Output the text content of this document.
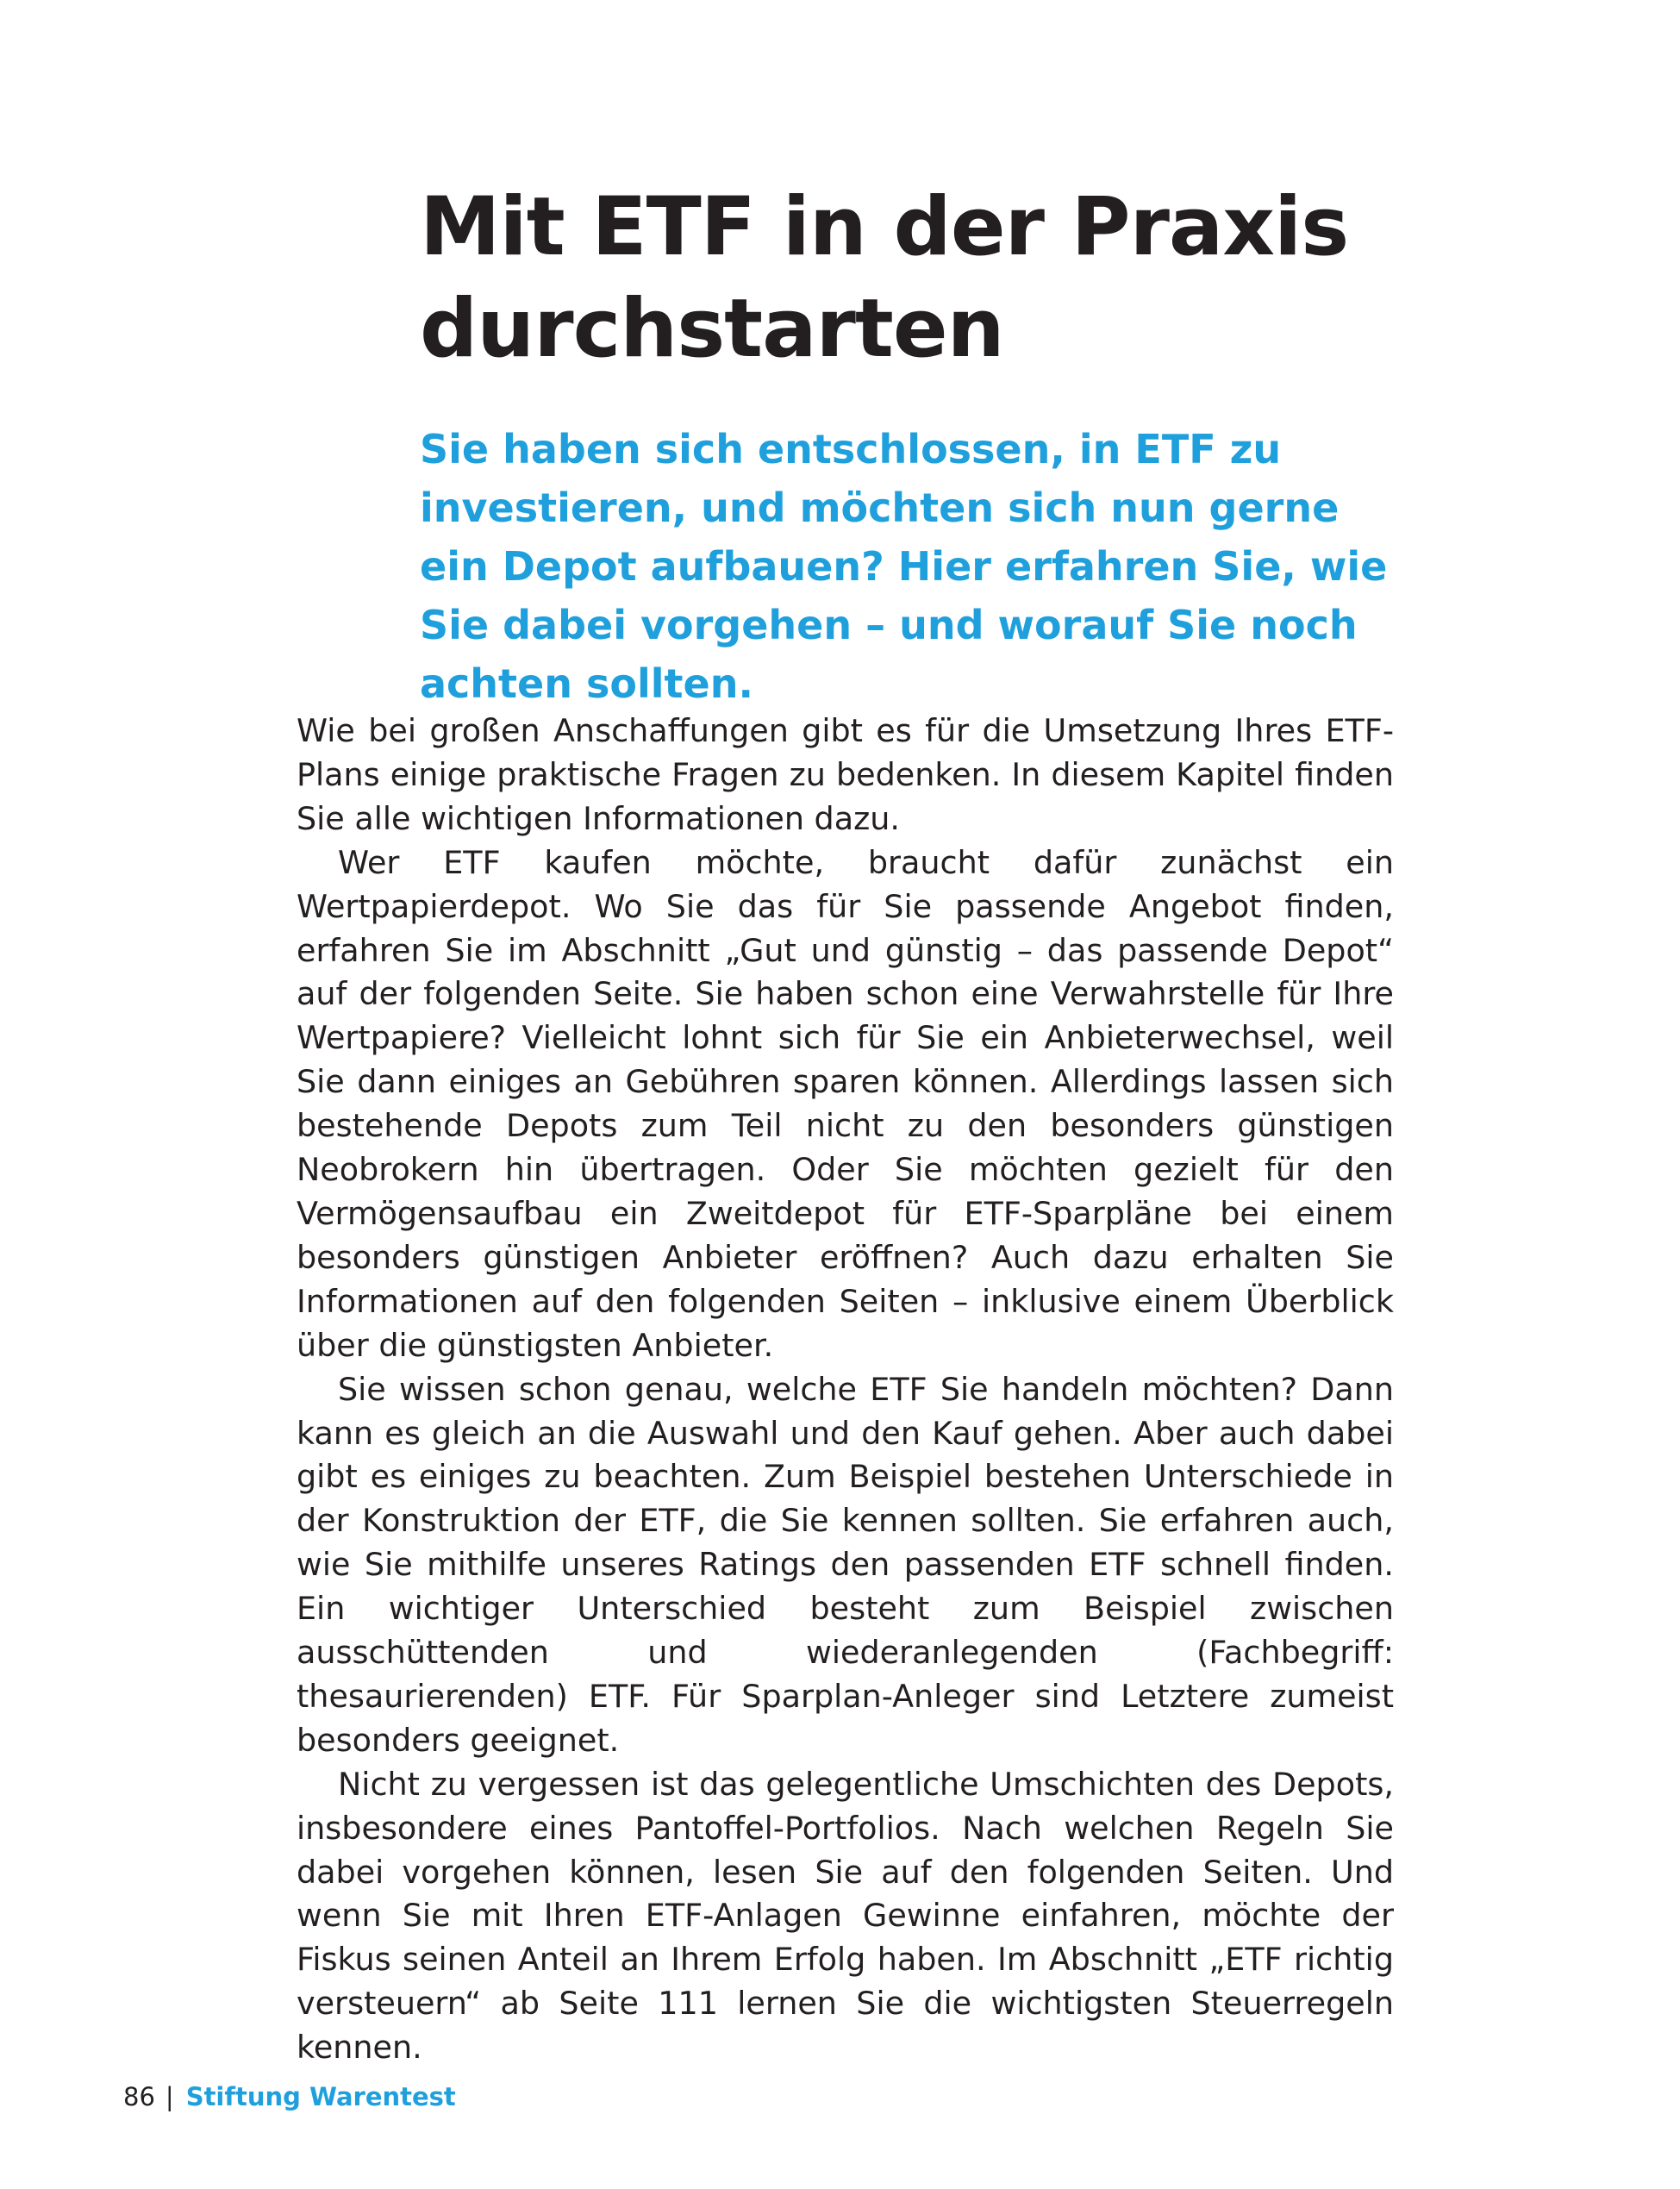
Mit ETF in der Praxis durchstarten

Sie haben sich entschlossen, in ETF zu investieren, und möchten sich nun gerne ein Depot aufbauen? Hier erfahren Sie, wie Sie dabei vorgehen – und worauf Sie noch achten sollten.

Wie bei großen Anschaffungen gibt es für die Umsetzung Ihres ETF-Plans einige praktische Fragen zu bedenken. In diesem Kapitel finden Sie alle wichtigen Informationen dazu.

Wer ETF kaufen möchte, braucht dafür zunächst ein Wertpapierdepot. Wo Sie das für Sie passende Angebot finden, erfahren Sie im Abschnitt „Gut und günstig – das passende Depot“ auf der folgenden Seite. Sie haben schon eine Verwahrstelle für Ihre Wertpapiere? Vielleicht lohnt sich für Sie ein Anbieterwechsel, weil Sie dann einiges an Gebühren sparen können. Allerdings lassen sich bestehende Depots zum Teil nicht zu den besonders günstigen Neobrokern hin übertragen. Oder Sie möchten gezielt für den Vermögensaufbau ein Zweitdepot für ETF-Sparpläne bei einem besonders günstigen Anbieter eröffnen? Auch dazu erhalten Sie Informationen auf den folgenden Seiten – inklusive einem Überblick über die günstigsten Anbieter.

Sie wissen schon genau, welche ETF Sie handeln möchten? Dann kann es gleich an die Auswahl und den Kauf gehen. Aber auch dabei gibt es einiges zu beachten. Zum Beispiel bestehen Unterschiede in der Konstruktion der ETF, die Sie kennen sollten. Sie erfahren auch, wie Sie mithilfe unseres Ratings den passenden ETF schnell finden. Ein wichtiger Unterschied besteht zum Beispiel zwischen ausschüttenden und wiederanlegenden (Fachbegriff: thesaurierenden) ETF. Für Sparplan-Anleger sind Letztere zumeist besonders geeignet.

Nicht zu vergessen ist das gelegentliche Umschichten des Depots, insbesondere eines Pantoffel-Portfolios. Nach welchen Regeln Sie dabei vorgehen können, lesen Sie auf den folgenden Seiten. Und wenn Sie mit Ihren ETF-Anlagen Gewinne einfahren, möchte der Fiskus seinen Anteil an Ihrem Erfolg haben. Im Abschnitt „ETF richtig versteuern“ ab Seite 111 lernen Sie die wichtigsten Steuerregeln kennen.

86 | Stiftung Warentest
